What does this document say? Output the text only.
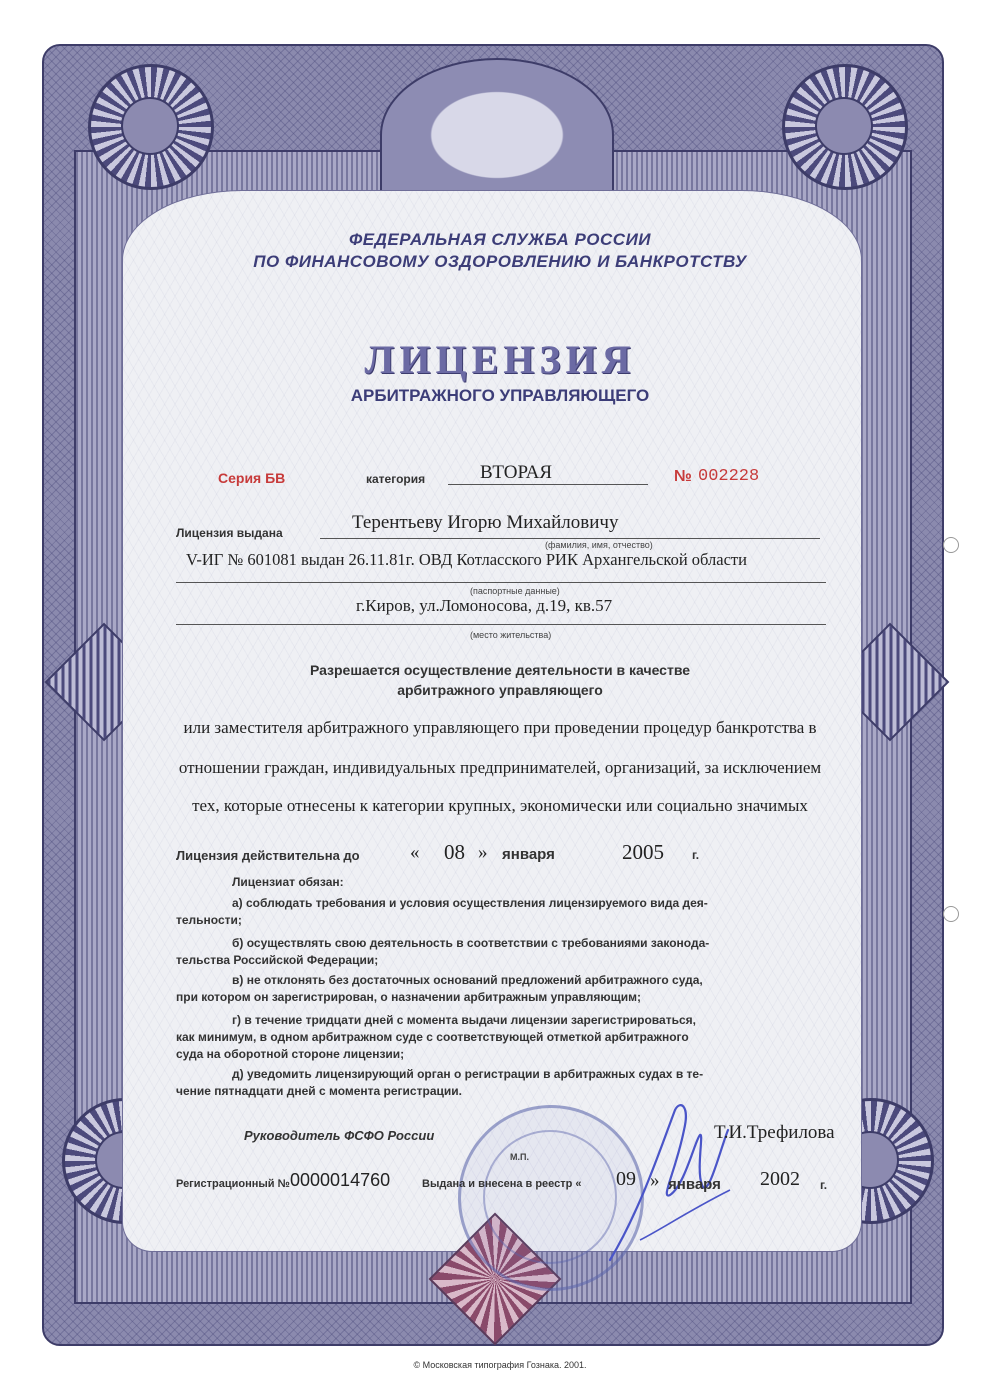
ФЕДЕРАЛЬНАЯ СЛУЖБА РОССИИ
ПО ФИНАНСОВОМУ ОЗДОРОВЛЕНИЮ И БАНКРОТСТВУ
ЛИЦЕНЗИЯ
АРБИТРАЖНОГО УПРАВЛЯЮЩЕГО
Серия БВ	категория	ВТОРАЯ	№ 002228
Лицензия выдана	Терентьеву Игорю Михайловичу
(фамилия, имя, отчество)
V-ИГ № 601081 выдан 26.11.81г. ОВД Котласского РИК Архангельской области
(паспортные данные)
г.Киров, ул.Ломоносова, д.19, кв.57
(место жительства)
Разрешается осуществление деятельности в качестве
арбитражного управляющего
или заместителя арбитражного управляющего при проведении процедур банкротства в
отношении граждан, индивидуальных предпринимателей, организаций, за исключением
тех, которые отнесены к категории крупных, экономически или социально значимых
Лицензия действительна до	« 08 » января	2005 г.
Лицензиат обязан:
а) соблюдать требования и условия осуществления лицензируемого вида дея-
тельности;
б) осуществлять свою деятельность в соответствии с требованиями законода-
тельства Российской Федерации;
в) не отклонять без достаточных оснований предложений арбитражного суда,
при котором он зарегистрирован, о назначении арбитражным управляющим;
г) в течение тридцати дней с момента выдачи лицензии зарегистрироваться,
как минимум, в одном арбитражном суде с соответствующей отметкой арбитражного
суда на оборотной стороне лицензии;
д) уведомить лицензирующий орган о регистрации в арбитражных судах в те-
чение пятнадцати дней с момента регистрации.
Руководитель ФСФО России	Т.И.Трефилова
М.П.
Регистрационный № 0000014760	Выдана и внесена в реестр « 09 » января 2002 г.
© Московская типография Гознака. 2001.
